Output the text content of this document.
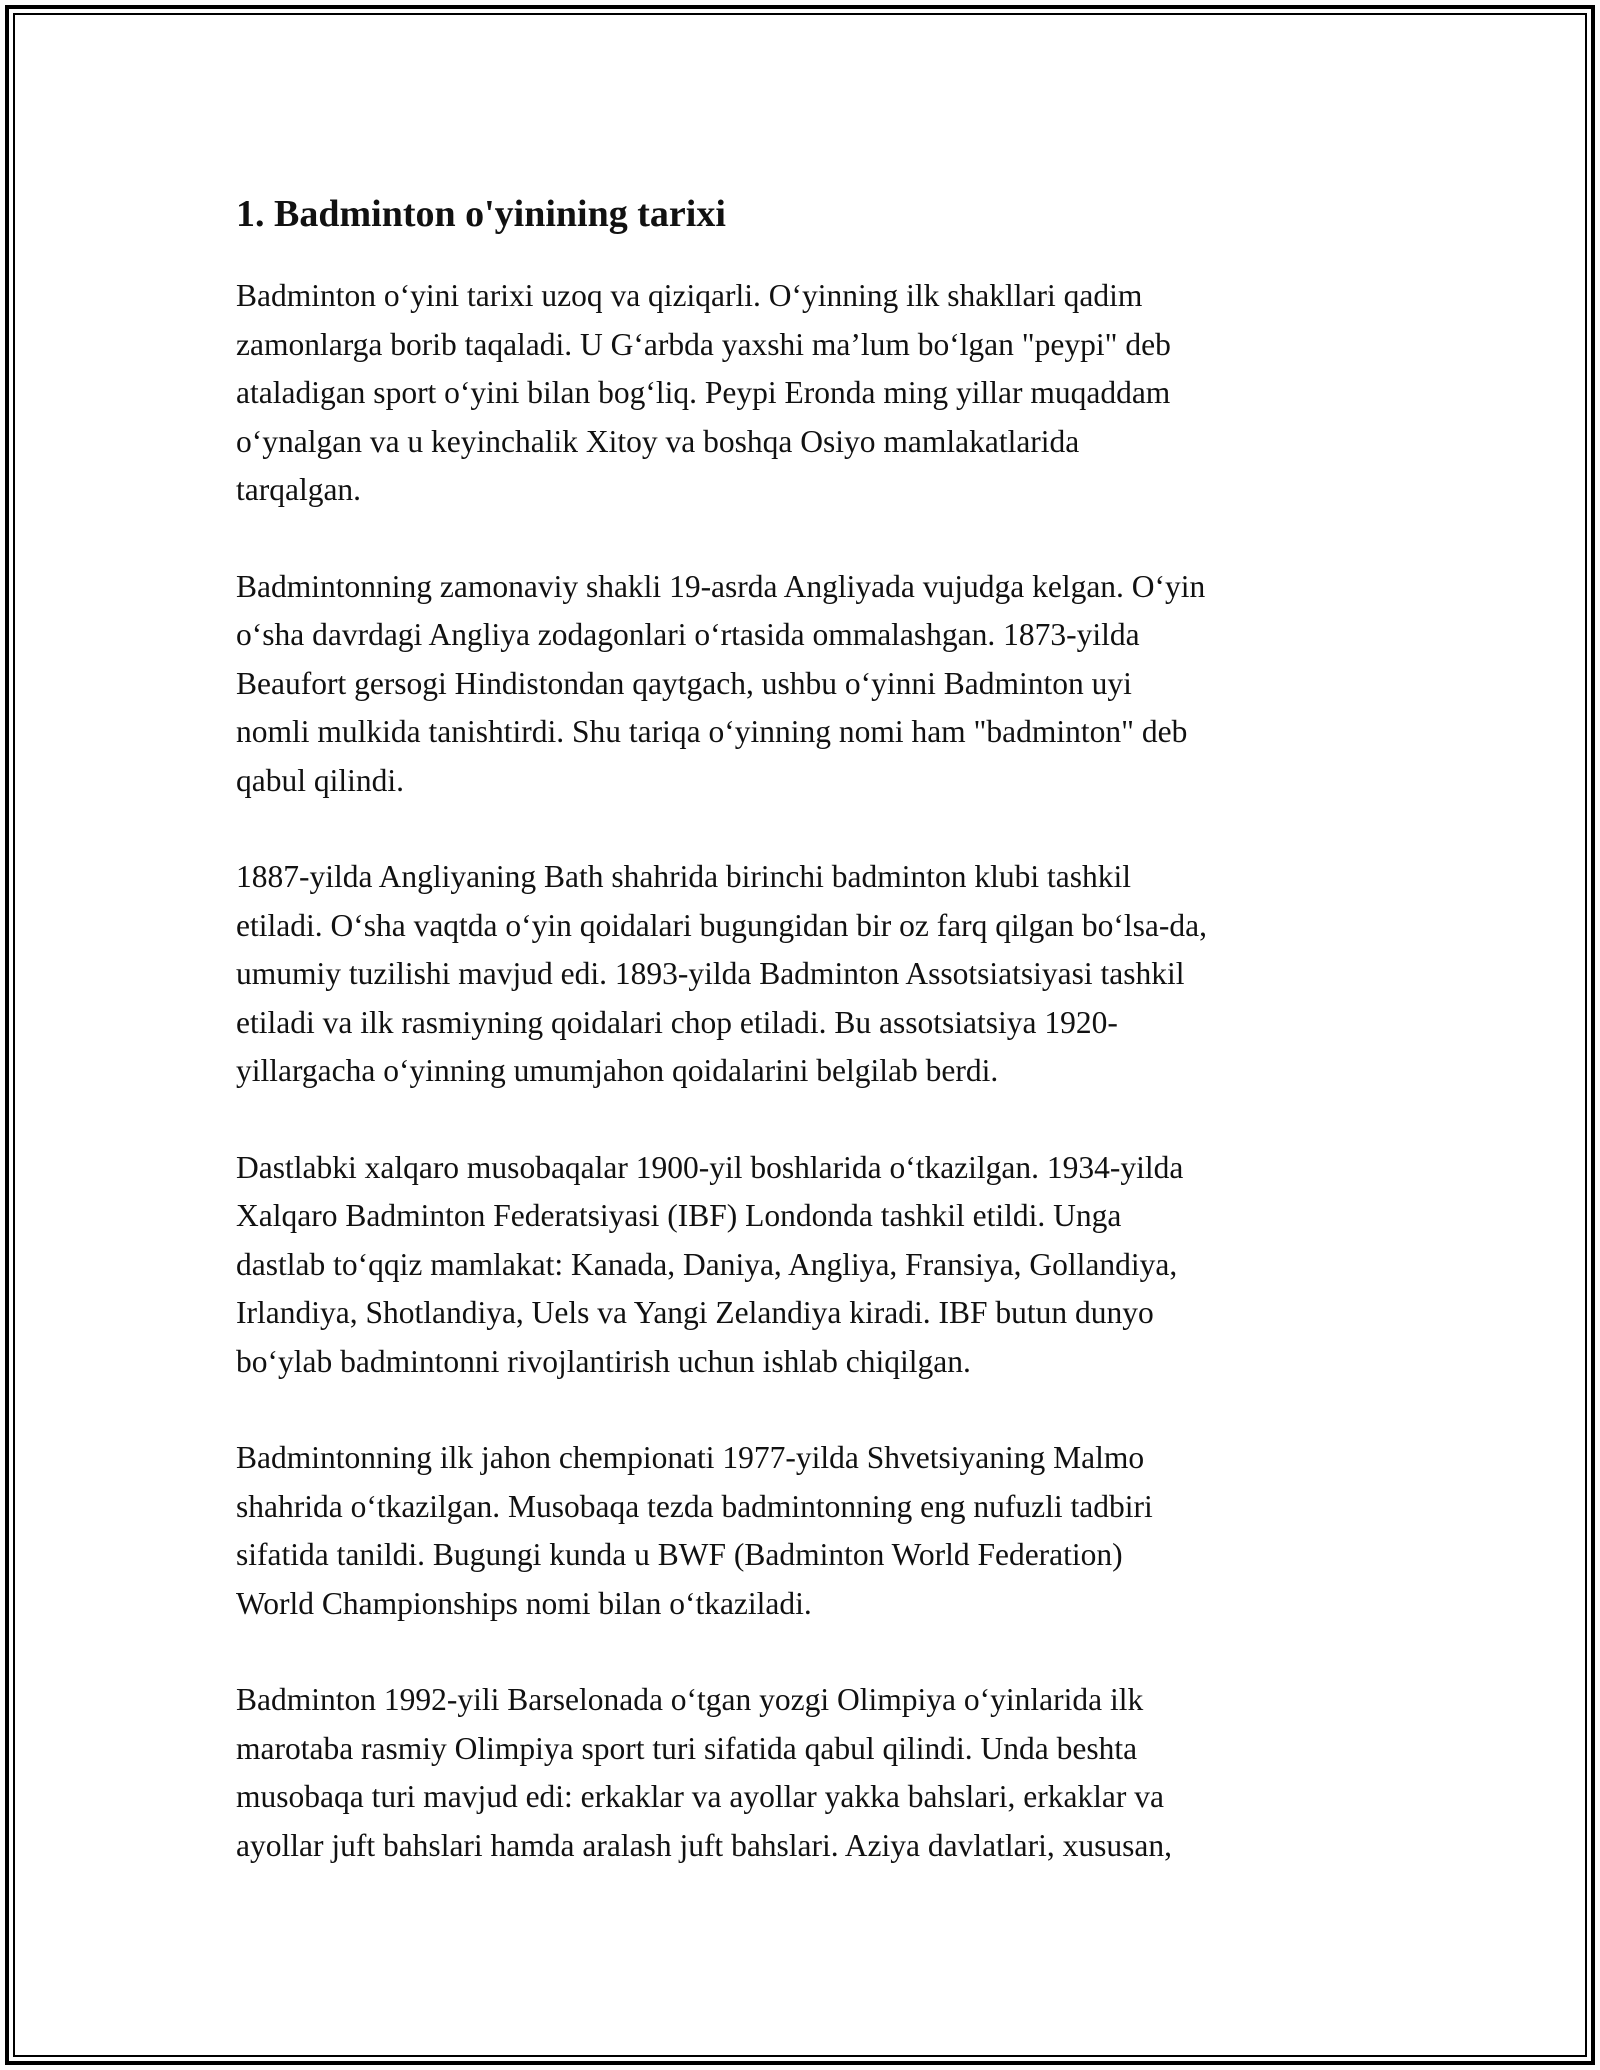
1. Badminton o'yinining tarixi

Badminton o‘yini tarixi uzoq va qiziqarli. O‘yinning ilk shakllari qadim
zamonlarga borib taqaladi. U G‘arbda yaxshi ma’lum bo‘lgan "peypi" deb
ataladigan sport o‘yini bilan bog‘liq. Peypi Eronda ming yillar muqaddam
o‘ynalgan va u keyinchalik Xitoy va boshqa Osiyo mamlakatlarida
tarqalgan.

Badmintonning zamonaviy shakli 19-asrda Angliyada vujudga kelgan. O‘yin
o‘sha davrdagi Angliya zodagonlari o‘rtasida ommalashgan. 1873-yilda
Beaufort gersogi Hindistondan qaytgach, ushbu o‘yinni Badminton uyi
nomli mulkida tanishtirdi. Shu tariqa o‘yinning nomi ham "badminton" deb
qabul qilindi.

1887-yilda Angliyaning Bath shahrida birinchi badminton klubi tashkil
etiladi. O‘sha vaqtda o‘yin qoidalari bugungidan bir oz farq qilgan bo‘lsa-da,
umumiy tuzilishi mavjud edi. 1893-yilda Badminton Assotsiatsiyasi tashkil
etiladi va ilk rasmiyning qoidalari chop etiladi. Bu assotsiatsiya 1920-
yillargacha o‘yinning umumjahon qoidalarini belgilab berdi.

Dastlabki xalqaro musobaqalar 1900-yil boshlarida o‘tkazilgan. 1934-yilda
Xalqaro Badminton Federatsiyasi (IBF) Londonda tashkil etildi. Unga
dastlab to‘qqiz mamlakat: Kanada, Daniya, Angliya, Fransiya, Gollandiya,
Irlandiya, Shotlandiya, Uels va Yangi Zelandiya kiradi. IBF butun dunyo
bo‘ylab badmintonni rivojlantirish uchun ishlab chiqilgan.

Badmintonning ilk jahon chempionati 1977-yilda Shvetsiyaning Malmo
shahrida o‘tkazilgan. Musobaqa tezda badmintonning eng nufuzli tadbiri
sifatida tanildi. Bugungi kunda u BWF (Badminton World Federation)
World Championships nomi bilan o‘tkaziladi.

Badminton 1992-yili Barselonada o‘tgan yozgi Olimpiya o‘yinlarida ilk
marotaba rasmiy Olimpiya sport turi sifatida qabul qilindi. Unda beshta
musobaqa turi mavjud edi: erkaklar va ayollar yakka bahslari, erkaklar va
ayollar juft bahslari hamda aralash juft bahslari. Aziya davlatlari, xususan,
